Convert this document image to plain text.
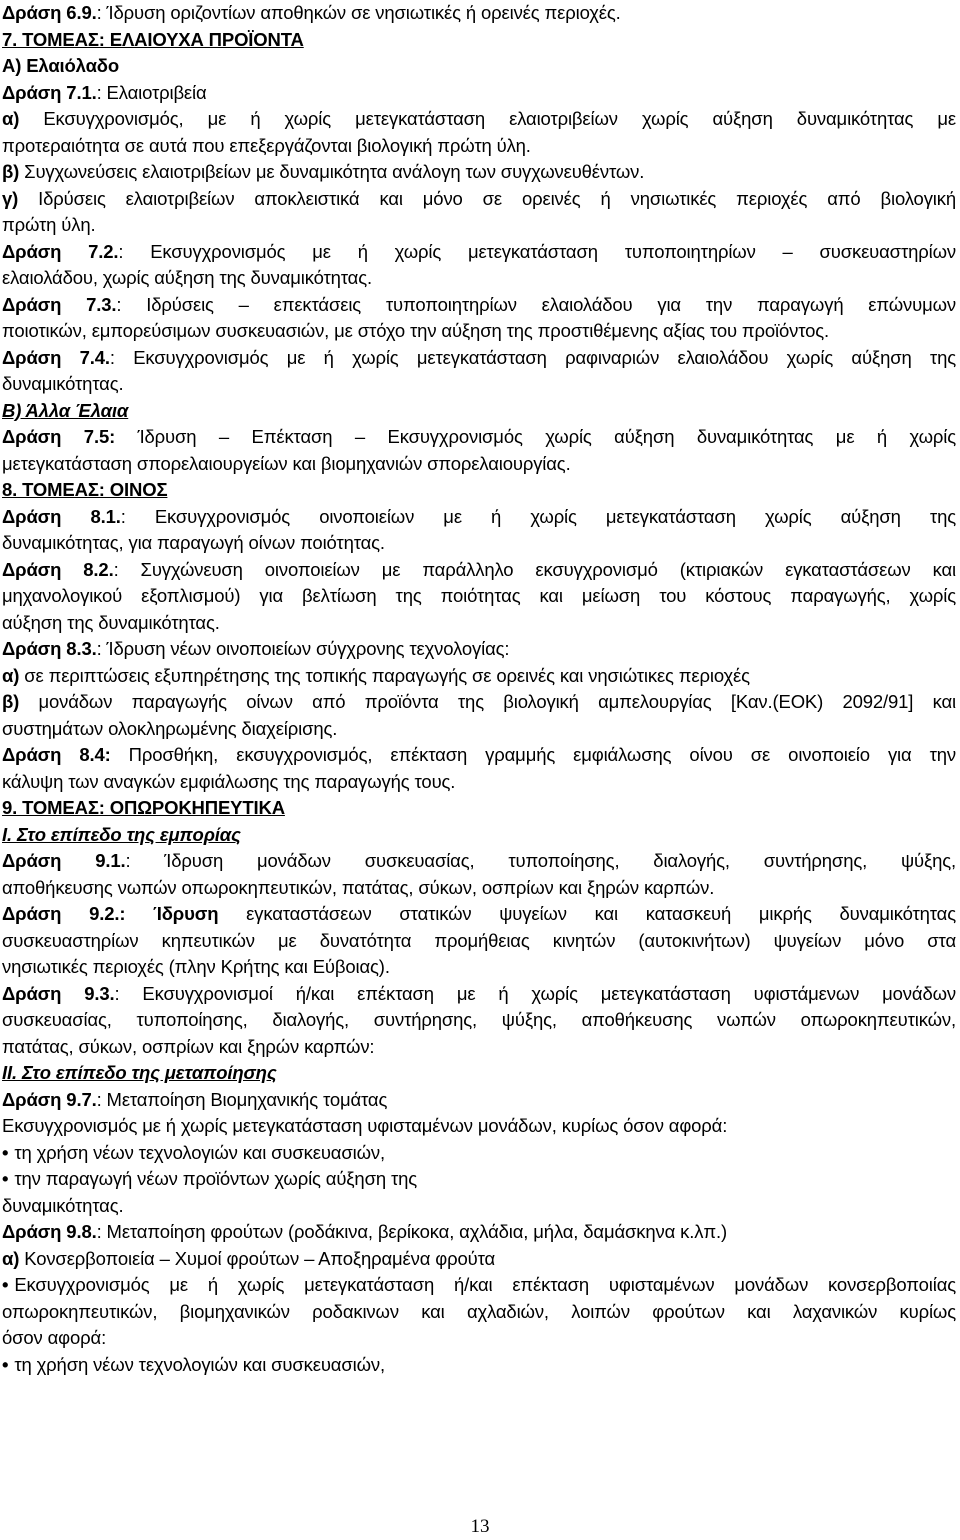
Δράση 6.9.: Ίδρυση οριζοντίων αποθηκών σε νησιωτικές ή ορεινές περιοχές.
7. ΤΟΜΕΑΣ: ΕΛΑΙΟΥΧΑ ΠΡΟΪΟΝΤΑ
Α) Ελαιόλαδο
Δράση 7.1.: Ελαιοτριβεία
α) Εκσυγχρονισμός, με ή χωρίς μετεγκατάσταση ελαιοτριβείων χωρίς αύξηση δυναμικότητας με
προτεραιότητα σε αυτά που επεξεργάζονται βιολογική πρώτη ύλη.
β) Συγχωνεύσεις ελαιοτριβείων με δυναμικότητα ανάλογη των συγχωνευθέντων.
γ) Ιδρύσεις ελαιοτριβείων αποκλειστικά και μόνο σε ορεινές ή νησιωτικές περιοχές από βιολογική
πρώτη ύλη.
Δράση 7.2.: Εκσυγχρονισμός με ή χωρίς μετεγκατάσταση τυποποιητηρίων – συσκευαστηρίων
ελαιολάδου, χωρίς αύξηση της δυναμικότητας.
Δράση 7.3.: Ιδρύσεις – επεκτάσεις τυποποιητηρίων ελαιολάδου για την παραγωγή επώνυμων
ποιοτικών, εμπορεύσιμων συσκευασιών, με στόχο την αύξηση της προστιθέμενης αξίας του προϊόντος.
Δράση 7.4.: Εκσυγχρονισμός με ή χωρίς μετεγκατάσταση ραφιναριών ελαιολάδου χωρίς αύξηση της
δυναμικότητας.
Β) Άλλα Έλαια
Δράση 7.5: Ίδρυση – Επέκταση – Εκσυγχρονισμός χωρίς αύξηση δυναμικότητας με ή χωρίς
μετεγκατάσταση σπορελαιουργείων και βιομηχανιών σπορελαιουργίας.
8. ΤΟΜΕΑΣ: ΟΙΝΟΣ
Δράση 8.1.: Εκσυγχρονισμός οινοποιείων με ή χωρίς μετεγκατάσταση χωρίς αύξηση της
δυναμικότητας, για παραγωγή οίνων ποιότητας.
Δράση 8.2.: Συγχώνευση οινοποιείων με παράλληλο εκσυγχρονισμό (κτιριακών εγκαταστάσεων και
μηχανολογικού εξοπλισμού) για βελτίωση της ποιότητας και μείωση του κόστους παραγωγής, χωρίς
αύξηση της δυναμικότητας.
Δράση 8.3.: Ίδρυση νέων οινοποιείων σύγχρονης τεχνολογίας:
α) σε περιπτώσεις εξυπηρέτησης της τοπικής παραγωγής σε ορεινές και νησιώτικες περιοχές
β) μονάδων παραγωγής οίνων από προϊόντα της βιολογική αμπελουργίας [Καν.(ΕΟΚ) 2092/91] και
συστημάτων ολοκληρωμένης διαχείρισης.
Δράση 8.4: Προσθήκη, εκσυγχρονισμός, επέκταση γραμμής εμφιάλωσης οίνου σε οινοποιείο για την
κάλυψη των αναγκών εμφιάλωσης της παραγωγής τους.
9. ΤΟΜΕΑΣ: ΟΠΩΡΟΚΗΠΕΥΤΙΚΑ
Ι. Στο επίπεδο της εμπορίας
Δράση 9.1.: Ίδρυση μονάδων συσκευασίας, τυποποίησης, διαλογής, συντήρησης, ψύξης,
αποθήκευσης νωπών οπωροκηπευτικών, πατάτας, σύκων, οσπρίων και ξηρών καρπών.
Δράση 9.2.: Ίδρυση εγκαταστάσεων στατικών ψυγείων και κατασκευή μικρής δυναμικότητας
συσκευαστηρίων κηπευτικών με δυνατότητα προμήθειας κινητών (αυτοκινήτων) ψυγείων μόνο στα
νησιωτικές περιοχές (πλην Κρήτης και Εύβοιας).
Δράση 9.3.: Εκσυγχρονισμοί ή/και επέκταση με ή χωρίς μετεγκατάσταση υφιστάμενων μονάδων
συσκευασίας, τυποποίησης, διαλογής, συντήρησης, ψύξης, αποθήκευσης νωπών οπωροκηπευτικών,
πατάτας, σύκων, οσπρίων και ξηρών καρπών:
ΙΙ. Στο επίπεδο της μεταποίησης
Δράση 9.7.: Μεταποίηση Βιομηχανικής τομάτας
Εκσυγχρονισμός με ή χωρίς μετεγκατάσταση υφισταμένων μονάδων, κυρίως όσον αφορά:
• τη χρήση νέων τεχνολογιών και συσκευασιών,
• την παραγωγή νέων προϊόντων χωρίς αύξηση της
δυναμικότητας.
Δράση 9.8.: Μεταποίηση φρούτων (ροδάκινα, βερίκοκα, αχλάδια, μήλα, δαμάσκηνα κ.λπ.)
α) Κονσερβοποιεία – Χυμοί φρούτων – Αποξηραμένα φρούτα
• Εκσυγχρονισμός με ή χωρίς μετεγκατάσταση ή/και επέκταση υφισταμένων μονάδων κονσερβοποιίας
οπωροκηπευτικών, βιομηχανικών ροδακινων και αχλαδιών, λοιπών φρούτων και λαχανικών κυρίως
όσον αφορά:
• τη χρήση νέων τεχνολογιών και συσκευασιών,
13
